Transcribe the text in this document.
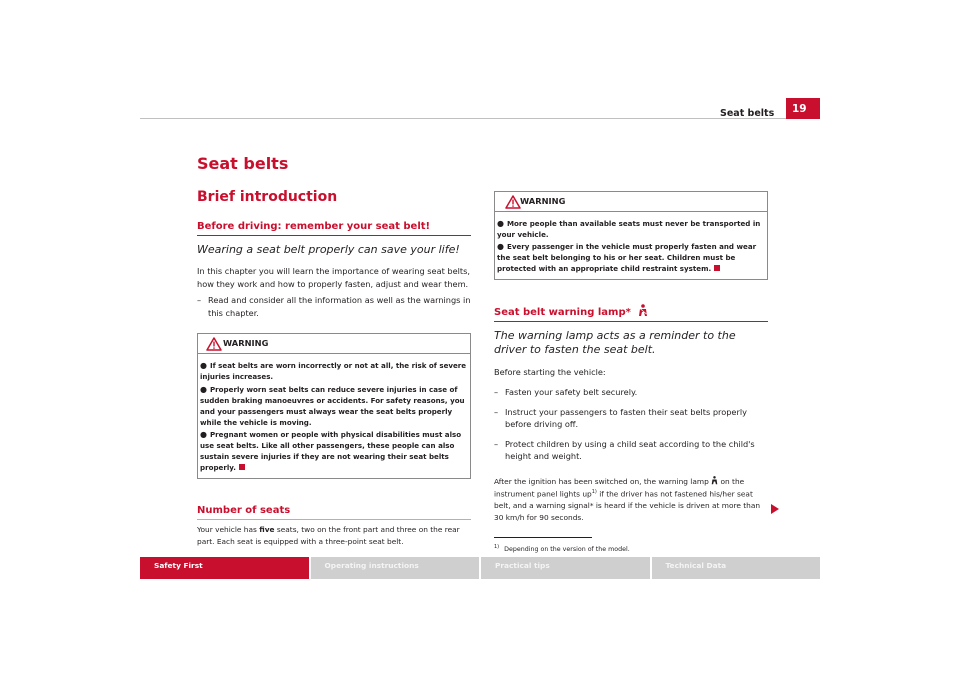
Seat belts	19
Seat belts
Brief introduction
Before driving: remember your seat belt!
Wearing a seat belt properly can save your life!
In this chapter you will learn the importance of wearing seat belts, how they work and how to properly fasten, adjust and wear them.
– Read and consider all the information as well as the warnings in this chapter.
WARNING
● If seat belts are worn incorrectly or not at all, the risk of severe injuries increases.
● Properly worn seat belts can reduce severe injuries in case of sudden braking manoeuvres or accidents. For safety reasons, you and your passengers must always wear the seat belts properly while the vehicle is moving.
● Pregnant women or people with physical disabilities must also use seat belts. Like all other passengers, these people can also sustain severe injuries if they are not wearing their seat belts properly.
Number of seats
Your vehicle has five seats, two on the front part and three on the rear part. Each seat is equipped with a three-point seat belt.
WARNING
● More people than available seats must never be transported in your vehicle.
● Every passenger in the vehicle must properly fasten and wear the seat belt belonging to his or her seat. Children must be protected with an appropriate child restraint system.
Seat belt warning lamp*
The warning lamp acts as a reminder to the driver to fasten the seat belt.
Before starting the vehicle:
– Fasten your safety belt securely.
– Instruct your passengers to fasten their seat belts properly before driving off.
– Protect children by using a child seat according to the child's height and weight.
After the ignition has been switched on, the warning lamp on the instrument panel lights $up^{1)}$ if the driver has not fastened his/her seat belt, and a warning signal* is heard if the vehicle is driven at more than 30 km/h for 90 seconds.
$^{1)}$ Depending on the version of the model.
Safety First	Operating instructions	Practical tips	Technical Data
